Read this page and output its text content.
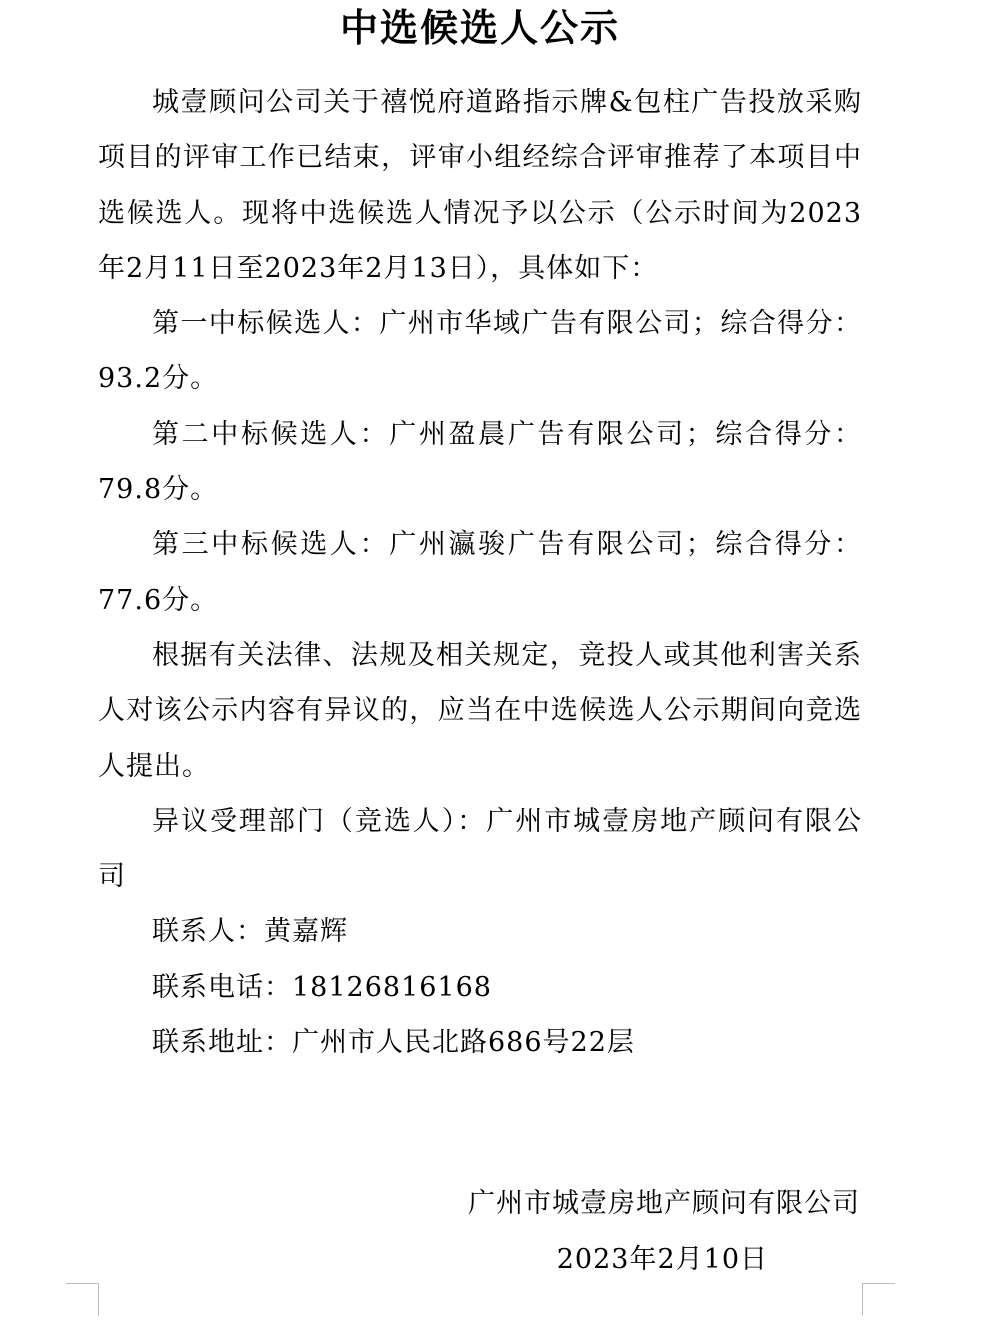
中选候选人公示

城壹顾问公司关于禧悦府道路指示牌&包柱广告投放采购项目的评审工作已结束，评审小组经综合评审推荐了本项目中选候选人。现将中选候选人情况予以公示（公示时间为2023年2月11日至2023年2月13日），具体如下：

第一中标候选人：广州市华域广告有限公司；综合得分：93.2分。

第二中标候选人：广州盈晨广告有限公司；综合得分：79.8分。

第三中标候选人：广州瀛骏广告有限公司；综合得分：77.6分。

根据有关法律、法规及相关规定，竞投人或其他利害关系人对该公示内容有异议的，应当在中选候选人公示期间向竞选人提出。

异议受理部门（竞选人）：广州市城壹房地产顾问有限公司

联系人：黄嘉辉

联系电话：18126816168

联系地址：广州市人民北路686号22层

广州市城壹房地产顾问有限公司
2023年2月10日
